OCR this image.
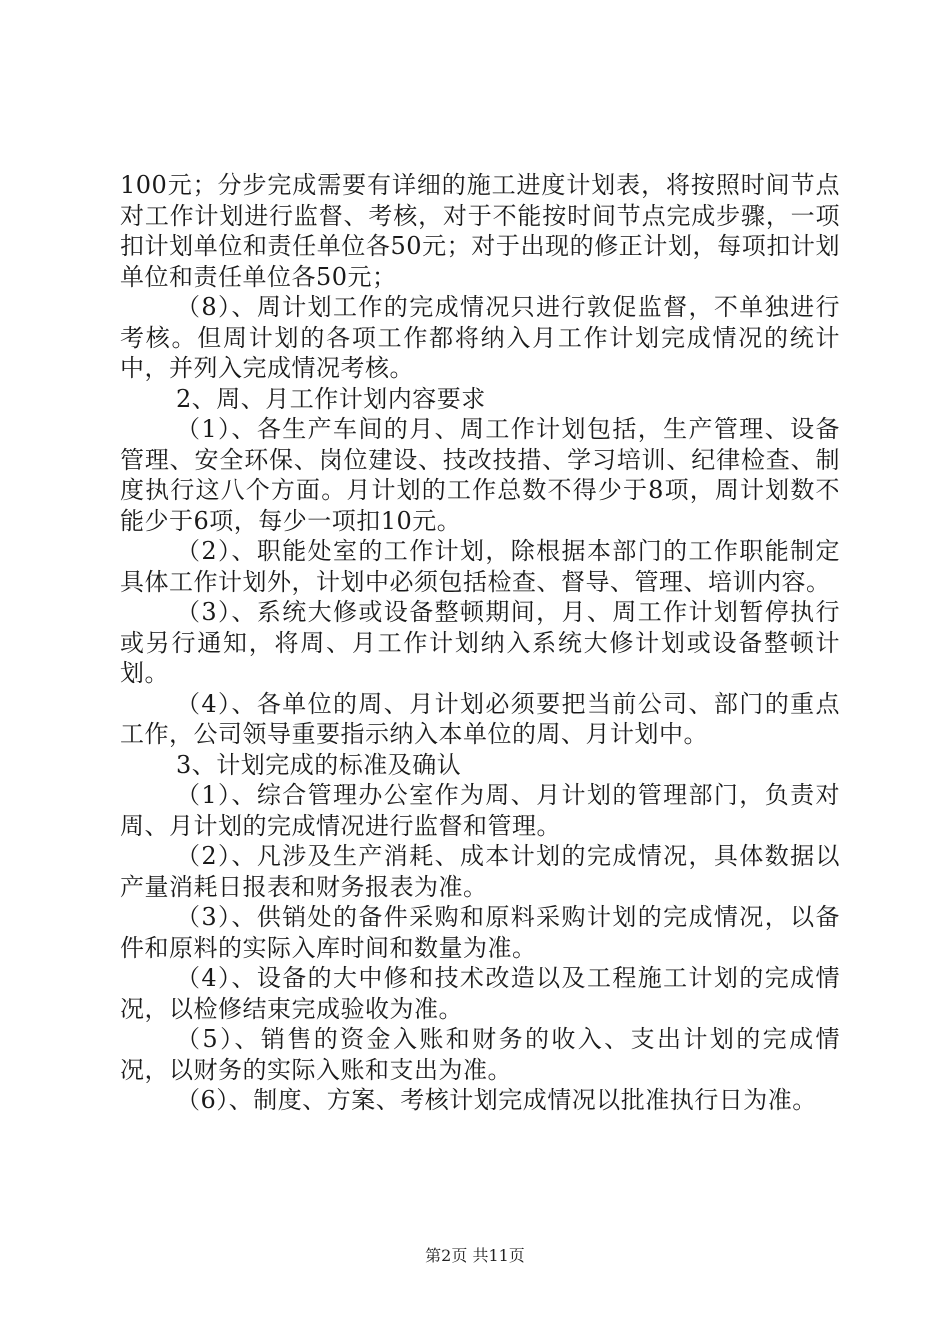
100元；分步完成需要有详细的施工进度计划表，将按照时间节点对工作计划进行监督、考核，对于不能按时间节点完成步骤，一项扣计划单位和责任单位各50元；对于出现的修正计划，每项扣计划单位和责任单位各50元；

（8）、周计划工作的完成情况只进行敦促监督，不单独进行考核。但周计划的各项工作都将纳入月工作计划完成情况的统计中，并列入完成情况考核。

2、周、月工作计划内容要求

（1）、各生产车间的月、周工作计划包括，生产管理、设备管理、安全环保、岗位建设、技改技措、学习培训、纪律检查、制度执行这八个方面。月计划的工作总数不得少于8项，周计划数不能少于6项，每少一项扣10元。

（2）、职能处室的工作计划，除根据本部门的工作职能制定具体工作计划外，计划中必须包括检查、督导、管理、培训内容。

（3）、系统大修或设备整顿期间，月、周工作计划暂停执行或另行通知，将周、月工作计划纳入系统大修计划或设备整顿计划。

（4）、各单位的周、月计划必须要把当前公司、部门的重点工作，公司领导重要指示纳入本单位的周、月计划中。

3、计划完成的标准及确认

（1）、综合管理办公室作为周、月计划的管理部门，负责对周、月计划的完成情况进行监督和管理。

（2）、凡涉及生产消耗、成本计划的完成情况，具体数据以产量消耗日报表和财务报表为准。

（3）、供销处的备件采购和原料采购计划的完成情况，以备件和原料的实际入库时间和数量为准。

（4）、设备的大中修和技术改造以及工程施工计划的完成情况，以检修结束完成验收为准。

（5）、销售的资金入账和财务的收入、支出计划的完成情况，以财务的实际入账和支出为准。

（6）、制度、方案、考核计划完成情况以批准执行日为准。

第2页 共11页
